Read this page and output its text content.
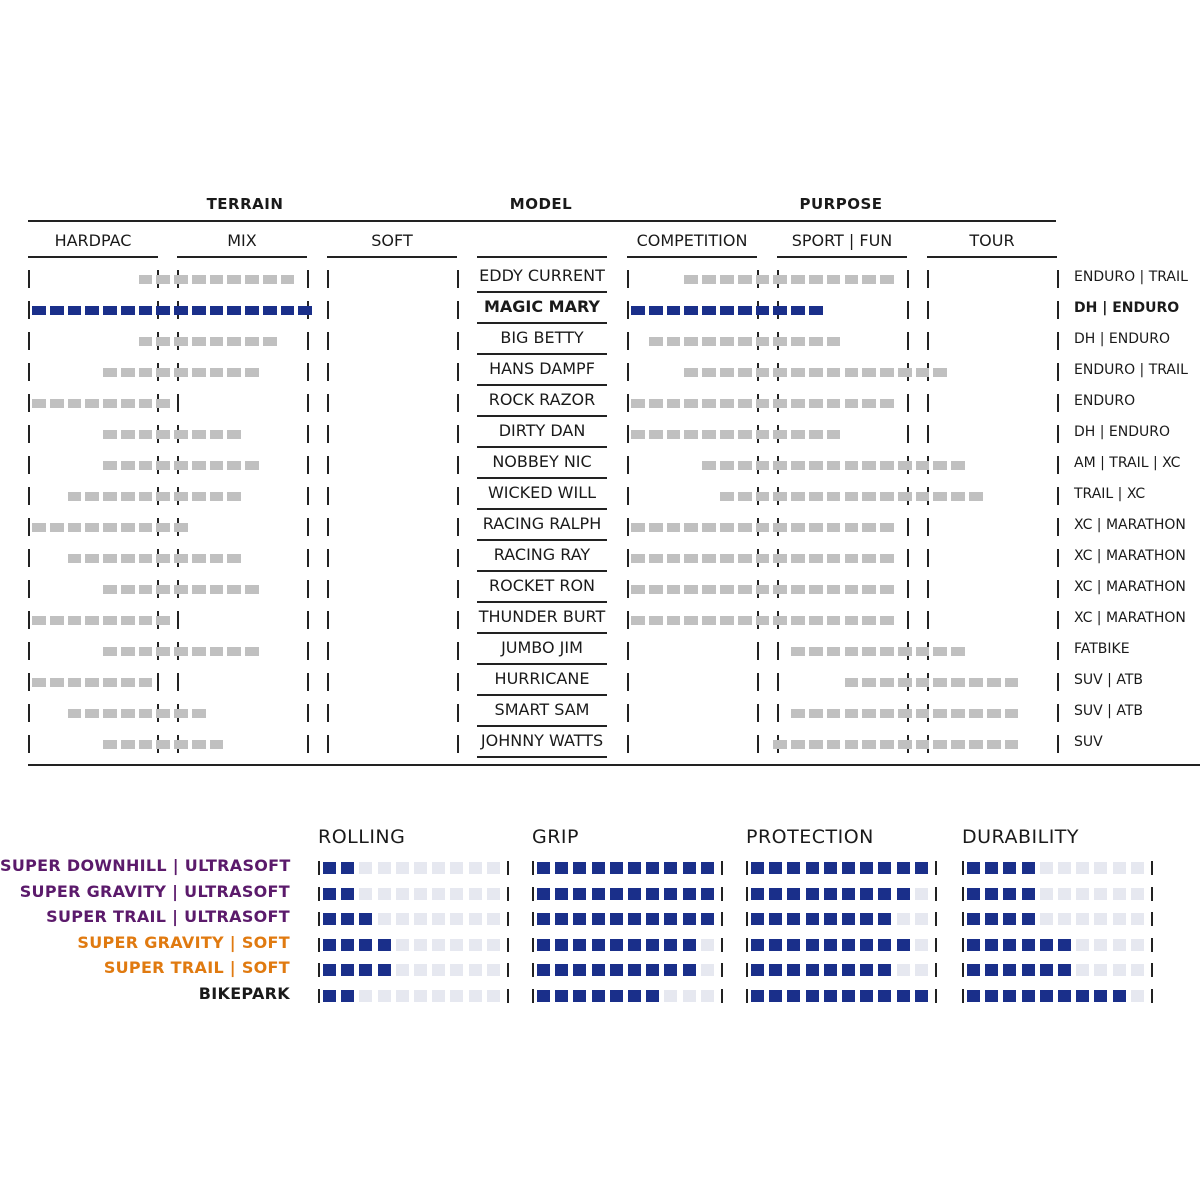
TERRAIN	MODEL	PURPOSE
HARDPAC	MIX	SOFT	COMPETITION	SPORT | FUN	TOUR
EDDY CURRENT	ENDURO | TRAIL
MAGIC MARY	DH | ENDURO
BIG BETTY	DH | ENDURO
HANS DAMPF	ENDURO | TRAIL
ROCK RAZOR	ENDURO
DIRTY DAN	DH | ENDURO
NOBBEY NIC	AM | TRAIL | XC
WICKED WILL	TRAIL | XC
RACING RALPH	XC | MARATHON
RACING RAY	XC | MARATHON
ROCKET RON	XC | MARATHON
THUNDER BURT	XC | MARATHON
JUMBO JIM	FATBIKE
HURRICANE	SUV | ATB
SMART SAM	SUV | ATB
JOHNNY WATTS	SUV
ROLLING	GRIP	PROTECTION	DURABILITY
SUPER DOWNHILL | ULTRASOFT
SUPER GRAVITY | ULTRASOFT
SUPER TRAIL | ULTRASOFT
SUPER GRAVITY | SOFT
SUPER TRAIL | SOFT
BIKEPARK
